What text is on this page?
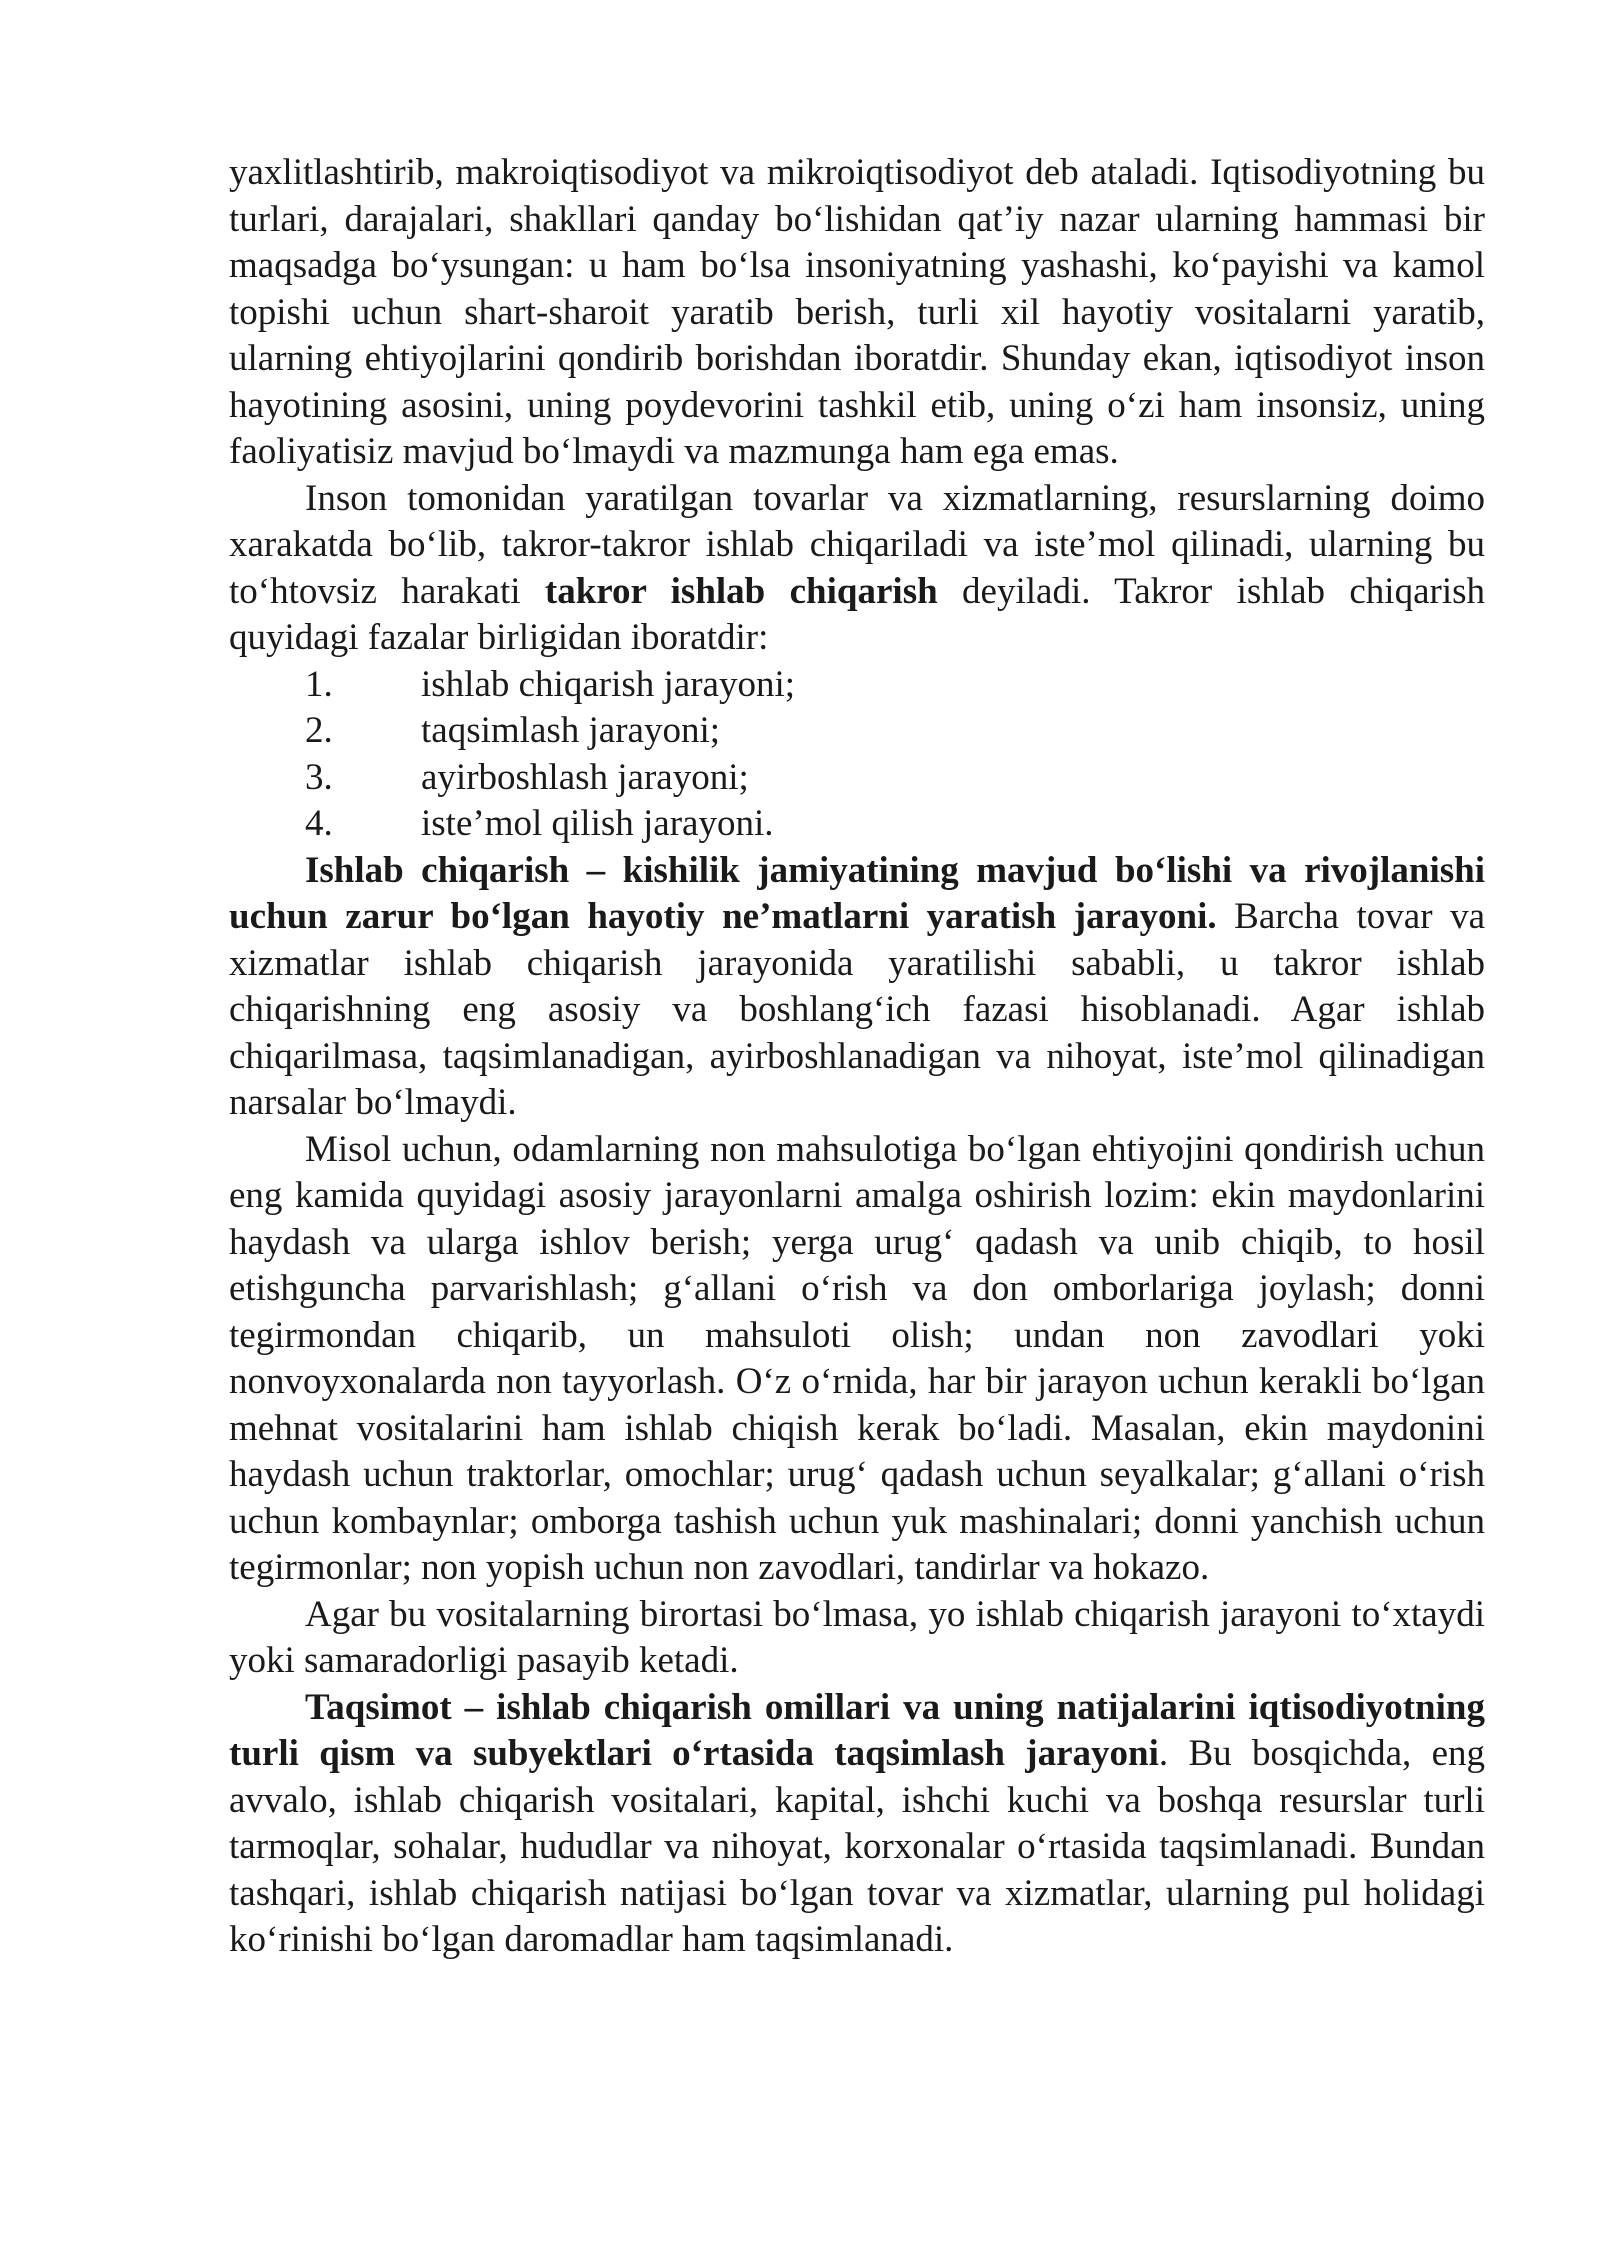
yaxlitlashtirib, makroiqtisodiyot va mikroiqtisodiyot deb ataladi. Iqtisodiyotning bu turlari, darajalari, shakllari qanday bo‘lishidan qat’iy nazar ularning hammasi bir maqsadga bo‘ysungan: u ham bo‘lsa insoniyatning yashashi, ko‘payishi va kamol topishi uchun shart-sharoit yaratib berish, turli xil hayotiy vositalarni yaratib, ularning ehtiyojlarini qondirib borishdan iboratdir. Shunday ekan, iqtisodiyot inson hayotining asosini, uning poydevorini tashkil etib, uning o‘zi ham insonsiz, uning faoliyatisiz mavjud bo‘lmaydi va mazmunga ham ega emas.

Inson tomonidan yaratilgan tovarlar va xizmatlarning, resurslarning doimo xarakatda bo‘lib, takror-takror ishlab chiqariladi va iste’mol qilinadi, ularning bu to‘htovsiz harakati takror ishlab chiqarish deyiladi. Takror ishlab chiqarish quyidagi fazalar birligidan iboratdir:

1.	ishlab chiqarish jarayoni;
2.	taqsimlash jarayoni;
3.	ayirboshlash jarayoni;
4.	iste’mol qilish jarayoni.

Ishlab chiqarish – kishilik jamiyatining mavjud bo‘lishi va rivojlanishi uchun zarur bo‘lgan hayotiy ne’matlarni yaratish jarayoni. Barcha tovar va xizmatlar ishlab chiqarish jarayonida yaratilishi sababli, u takror ishlab chiqarishning eng asosiy va boshlang‘ich fazasi hisoblanadi. Agar ishlab chiqarilmasa, taqsimlanadigan, ayirboshlanadigan va nihoyat, iste’mol qilinadigan narsalar bo‘lmaydi.

Misol uchun, odamlarning non mahsulotiga bo‘lgan ehtiyojini qondirish uchun eng kamida quyidagi asosiy jarayonlarni amalga oshirish lozim: ekin maydonlarini haydash va ularga ishlov berish; yerga urug‘ qadash va unib chiqib, to hosil etishguncha parvarishlash; g‘allani o‘rish va don omborlariga joylash; donni tegirmondan chiqarib, un mahsuloti olish; undan non zavodlari yoki nonvoyxonalarda non tayyorlash. O‘z o‘rnida, har bir jarayon uchun kerakli bo‘lgan mehnat vositalarini ham ishlab chiqish kerak bo‘ladi. Masalan, ekin maydonini haydash uchun traktorlar, omochlar; urug‘ qadash uchun seyalkalar; g‘allani o‘rish uchun kombaynlar; omborga tashish uchun yuk mashinalari; donni yanchish uchun tegirmonlar; non yopish uchun non zavodlari, tandirlar va hokazo.

Agar bu vositalarning birortasi bo‘lmasa, yo ishlab chiqarish jarayoni to‘xtaydi yoki samaradorligi pasayib ketadi.

Taqsimot – ishlab chiqarish omillari va uning natijalarini iqtisodiyotning turli qism va subyektlari o‘rtasida taqsimlash jarayoni. Bu bosqichda, eng avvalo, ishlab chiqarish vositalari, kapital, ishchi kuchi va boshqa resurslar turli tarmoqlar, sohalar, hududlar va nihoyat, korxonalar o‘rtasida taqsimlanadi. Bundan tashqari, ishlab chiqarish natijasi bo‘lgan tovar va xizmatlar, ularning pul holidagi ko‘rinishi bo‘lgan daromadlar ham taqsimlanadi.
